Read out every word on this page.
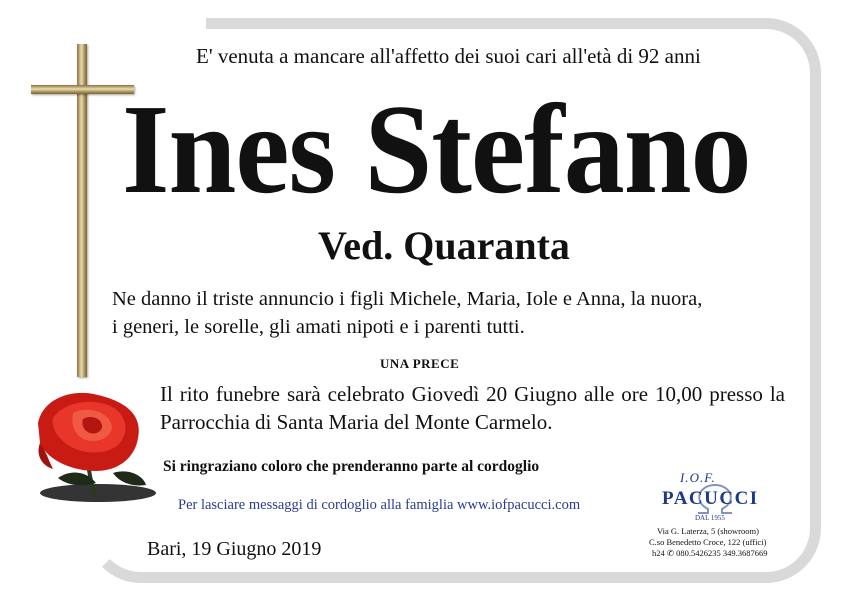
E' venuta a mancare all'affetto dei suoi cari all'età di 92 anni
Ines Stefano
Ved. Quaranta
Ne danno il triste annuncio i figli Michele, Maria, Iole e Anna, la nuora,
i generi, le sorelle, gli amati nipoti e i parenti tutti.
UNA PRECE
Il rito funebre sarà celebrato Giovedì 20 Giugno alle ore 10,00 presso la Parrocchia di Santa Maria del Monte Carmelo.
Si ringraziano coloro che prenderanno parte al cordoglio
Per lasciare messaggi di cordoglio alla famiglia www.iofpacucci.com
Bari, 19 Giugno 2019
I.O.F.
PACUCCI
DAL 1955
Via G. Laterza, 5 (showroom)
C.so Benedetto Croce, 122 (uffici)
h24 ✆ 080.5426235 349.3687669
